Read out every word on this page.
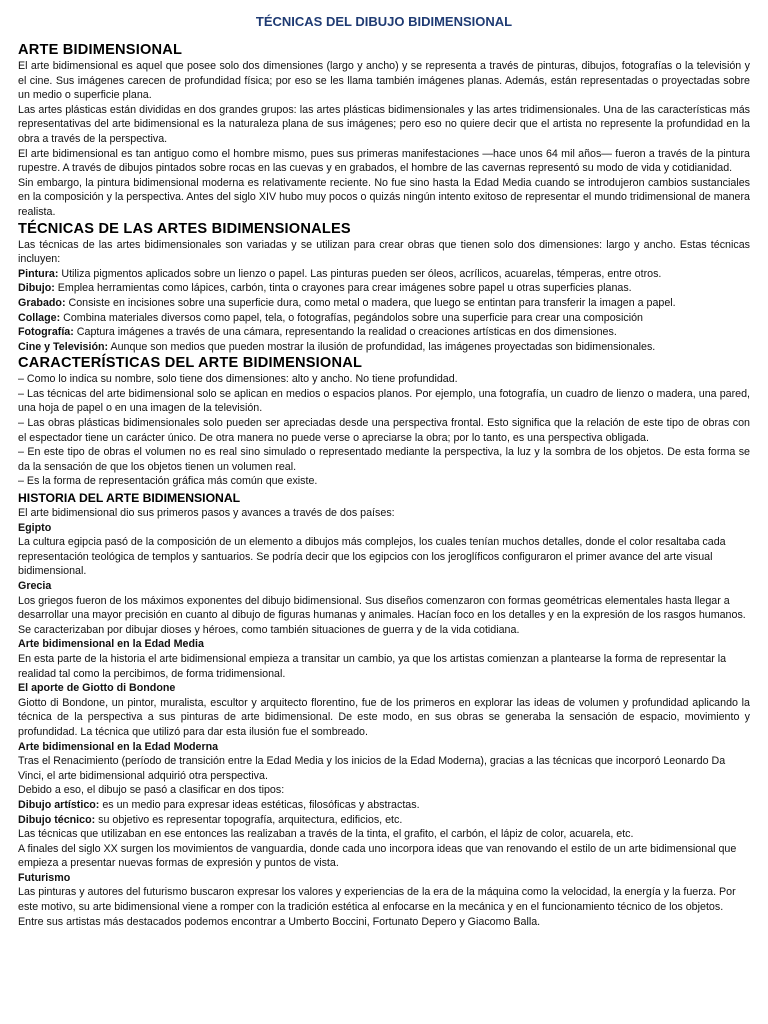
TÉCNICAS DEL DIBUJO BIDIMENSIONAL
ARTE BIDIMENSIONAL

El arte bidimensional es aquel que posee solo dos dimensiones (largo y ancho) y se representa a través de pinturas, dibujos, fotografías o la televisión y el cine. Sus imágenes carecen de profundidad física; por eso se les llama también imágenes planas. Además, están representadas o proyectadas sobre un medio o superficie plana.

Las artes plásticas están divididas en dos grandes grupos: las artes plásticas bidimensionales y las artes tridimensionales. Una de las características más representativas del arte bidimensional es la naturaleza plana de sus imágenes; pero eso no quiere decir que el artista no represente la profundidad en la obra a través de la perspectiva.

El arte bidimensional es tan antiguo como el hombre mismo, pues sus primeras manifestaciones —hace unos 64 mil años— fueron a través de la pintura rupestre. A través de dibujos pintados sobre rocas en las cuevas y en grabados, el hombre de las cavernas representó su modo de vida y cotidianidad.

Sin embargo, la pintura bidimensional moderna es relativamente reciente. No fue sino hasta la Edad Media cuando se introdujeron cambios sustanciales en la composición y la perspectiva. Antes del siglo XIV hubo muy pocos o quizás ningún intento exitoso de representar el mundo tridimensional de manera realista.

TÉCNICAS DE LAS ARTES BIDIMENSIONALES

Las técnicas de las artes bidimensionales son variadas y se utilizan para crear obras que tienen solo dos dimensiones: largo y ancho. Estas técnicas incluyen:

Pintura: Utiliza pigmentos aplicados sobre un lienzo o papel. Las pinturas pueden ser óleos, acrílicos, acuarelas, témperas, entre otros.

Dibujo: Emplea herramientas como lápices, carbón, tinta o crayones para crear imágenes sobre papel u otras superficies planas.

Grabado: Consiste en incisiones sobre una superficie dura, como metal o madera, que luego se entintan para transferir la imagen a papel.

Collage: Combina materiales diversos como papel, tela, o fotografías, pegándolos sobre una superficie para crear una composición

Fotografía: Captura imágenes a través de una cámara, representando la realidad o creaciones artísticas en dos dimensiones.

Cine y Televisión: Aunque son medios que pueden mostrar la ilusión de profundidad, las imágenes proyectadas son bidimensionales.

CARACTERÍSTICAS DEL ARTE BIDIMENSIONAL

– Como lo indica su nombre, solo tiene dos dimensiones: alto y ancho. No tiene profundidad.

– Las técnicas del arte bidimensional solo se aplican en medios o espacios planos. Por ejemplo, una fotografía, un cuadro de lienzo o madera, una pared, una hoja de papel o en una imagen de la televisión.

– Las obras plásticas bidimensionales solo pueden ser apreciadas desde una perspectiva frontal. Esto significa que la relación de este tipo de obras con el espectador tiene un carácter único. De otra manera no puede verse o apreciarse la obra; por lo tanto, es una perspectiva obligada.

– En este tipo de obras el volumen no es real sino simulado o representado mediante la perspectiva, la luz y la sombra de los objetos. De esta forma se da la sensación de que los objetos tienen un volumen real.

– Es la forma de representación gráfica más común que existe.

HISTORIA DEL ARTE BIDIMENSIONAL

El arte bidimensional dio sus primeros pasos y avances a través de dos países:

Egipto

La cultura egipcia pasó de la composición de un elemento a dibujos más complejos, los cuales tenían muchos detalles, donde el color resaltaba cada representación teológica de templos y santuarios. Se podría decir que los egipcios con los jeroglíficos configuraron el primer avance del arte visual bidimensional.

Grecia

Los griegos fueron de los máximos exponentes del dibujo bidimensional. Sus diseños comenzaron con formas geométricas elementales hasta llegar a desarrollar una mayor precisión en cuanto al dibujo de figuras humanas y animales. Hacían foco en los detalles y en la expresión de los rasgos humanos. Se caracterizaban por dibujar dioses y héroes, como también situaciones de guerra y de la vida cotidiana.

Arte bidimensional en la Edad Media

En esta parte de la historia el arte bidimensional empieza a transitar un cambio, ya que los artistas comienzan a plantearse la forma de representar la realidad tal como la percibimos, de forma tridimensional.

El aporte de Giotto di Bondone

Giotto di Bondone, un pintor, muralista, escultor y arquitecto florentino, fue de los primeros en explorar las ideas de volumen y profundidad aplicando la técnica de la perspectiva a sus pinturas de arte bidimensional. De este modo, en sus obras se generaba la sensación de espacio, movimiento y profundidad. La técnica que utilizó para dar esta ilusión fue el sombreado.

Arte bidimensional en la Edad Moderna

Tras el Renacimiento (período de transición entre la Edad Media y los inicios de la Edad Moderna), gracias a las técnicas que incorporó Leonardo Da Vinci, el arte bidimensional adquirió otra perspectiva.

Debido a eso, el dibujo se pasó a clasificar en dos tipos:

Dibujo artístico: es un medio para expresar ideas estéticas, filosóficas y abstractas.

Dibujo técnico: su objetivo es representar topografía, arquitectura, edificios, etc.

Las técnicas que utilizaban en ese entonces las realizaban a través de la tinta, el grafito, el carbón, el lápiz de color, acuarela, etc.

A finales del siglo XX surgen los movimientos de vanguardia, donde cada uno incorpora ideas que van renovando el estilo de un arte bidimensional que empieza a presentar nuevas formas de expresión y puntos de vista.

Futurismo

Las pinturas y autores del futurismo buscaron expresar los valores y experiencias de la era de la máquina como la velocidad, la energía y la fuerza. Por este motivo, su arte bidimensional viene a romper con la tradición estética al enfocarse en la mecánica y en el funcionamiento técnico de los objetos. Entre sus artistas más destacados podemos encontrar a Umberto Boccini, Fortunato Depero y Giacomo Balla.
